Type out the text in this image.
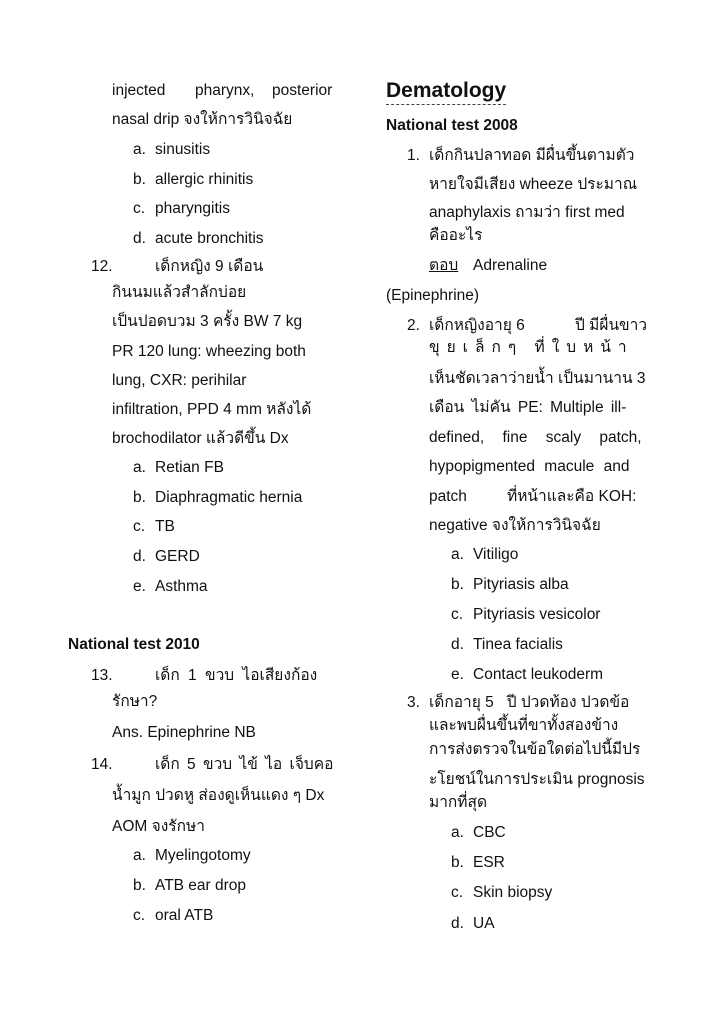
injected pharynx, posterior
nasal drip จงให้การวินิจฉัย
a. sinusitis
b. allergic rhinitis
c. pharyngitis
d. acute bronchitis
12.	เด็กหญิง 9 เดือน
กินนมแล้วสำลักบ่อย
เป็นปอดบวม 3 ครั้ง BW 7 kg
PR 120 lung: wheezing both
lung, CXR: perihilar
infiltration, PPD 4 mm หลังได้
brochodilator แล้วดีขึ้น Dx
a. Retian FB
b. Diaphragmatic hernia
c. TB
d. GERD
e. Asthma
National test 2010
13.	เด็ก 1 ขวบ ไอเสียงก้อง
รักษา?
Ans. Epinephrine NB
14.	เด็ก 5 ขวบ ไข้ ไอ เจ็บคอ
น้ำมูก ปวดหู ส่องดูเห็นแดง ๆ Dx
AOM จงรักษา
a. Myelingotomy
b. ATB ear drop
c. oral ATB
Dematology
National test 2008
1. เด็กกินปลาทอด มีผื่นขึ้นตามตัว
หายใจมีเสียง wheeze ประมาณ
anaphylaxis ถามว่า first med
คืออะไร
ตอบ Adrenaline
(Epinephrine)
2. เด็กหญิงอายุ 6	ปี มีผื่นขาว
ขุยเล็กๆ ที่ใบหน้า
เห็นชัดเวลาว่ายน้ำ เป็นมานาน 3
เดือน ไม่คัน PE: Multiple ill-
defined, fine scaly patch,
hypopigmented macule and
patch	ที่หน้าและคือ KOH:
negative จงให้การวินิจฉัย
a. Vitiligo
b. Pityriasis alba
c. Pityriasis vesicolor
d. Tinea facialis
e. Contact leukoderm
3. เด็กอายุ 5   ปี ปวดท้อง ปวดข้อ
และพบผื่นขึ้นที่ขาทั้งสองข้าง
การส่งตรวจในข้อใดต่อไปนี้มีปร
ะโยชน์ในการประเมิน prognosis
มากที่สุด
a. CBC
b. ESR
c. Skin biopsy
d. UA
